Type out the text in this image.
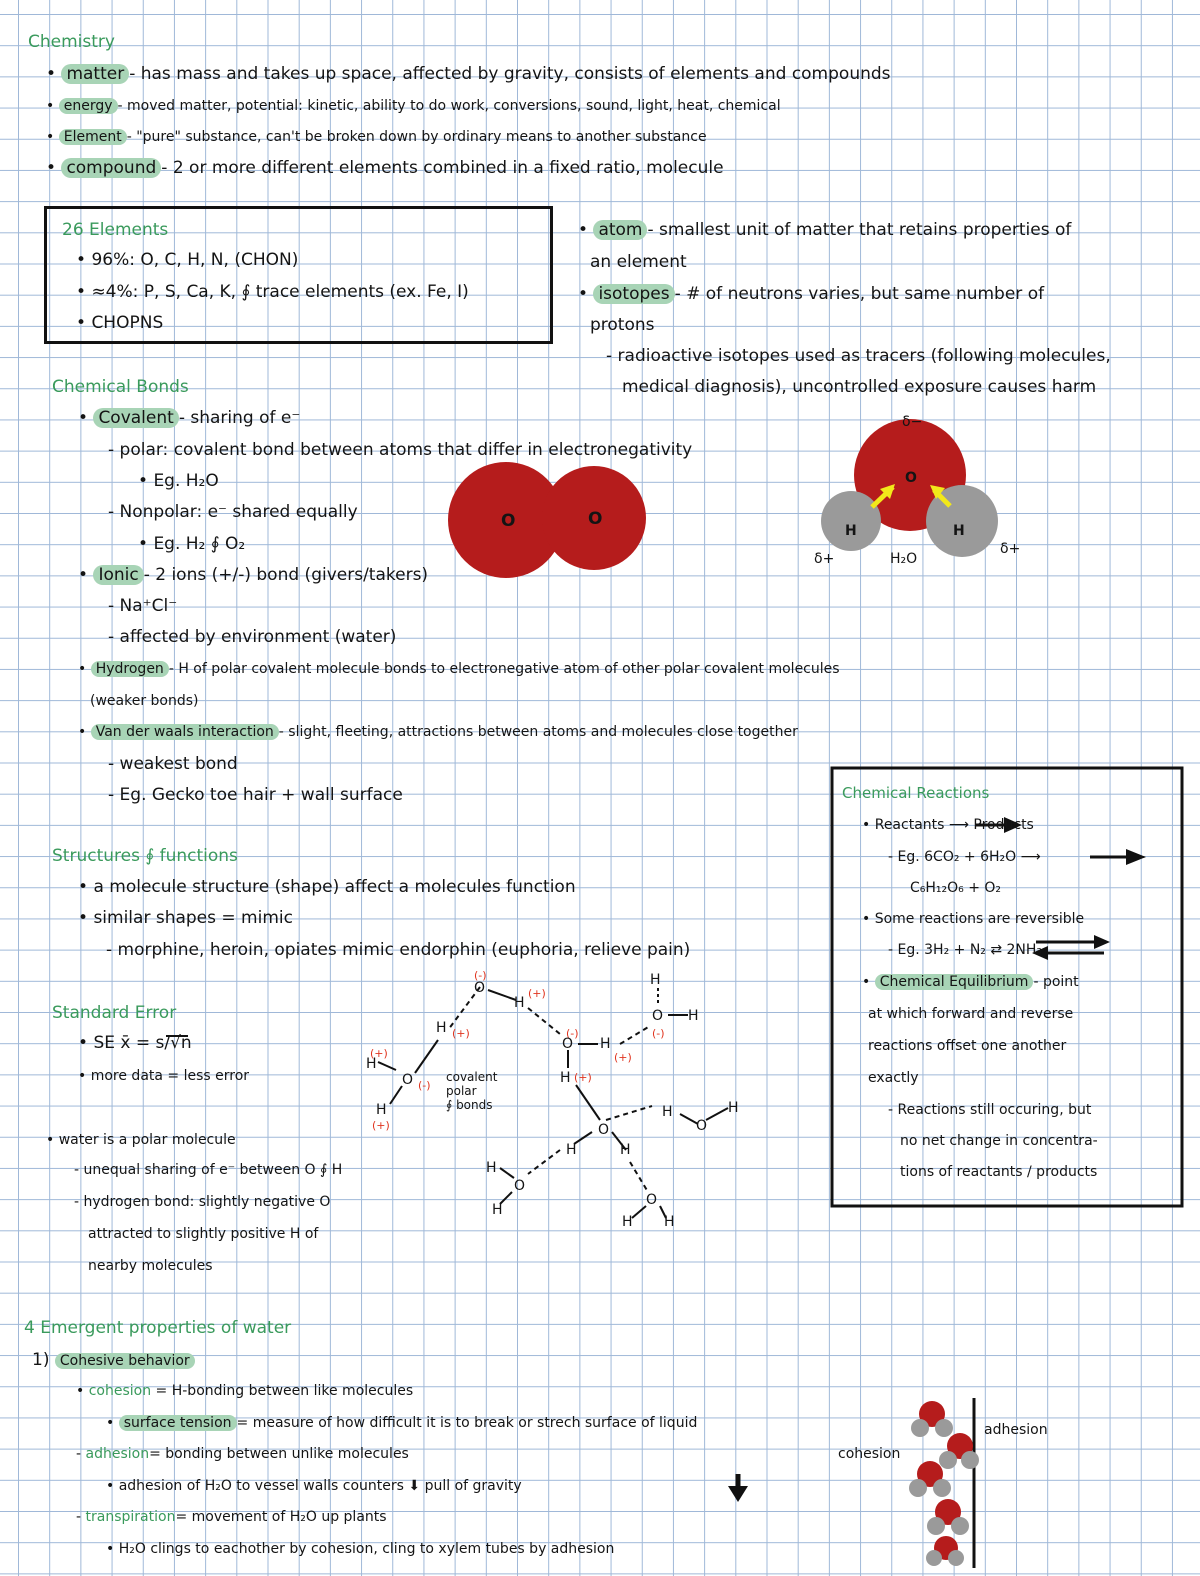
Chemistry
• matter - has mass and takes up space, affected by gravity, consists of elements and compounds
• energy - moved matter, potential: kinetic, ability to do work, conversions, sound, light, heat, chemical
• Element - "pure" substance, can't be broken down by ordinary means to another substance
• compound - 2 or more different elements combined in a fixed ratio, molecule
26 Elements
• 96%: O, C, H, N, (CHON)
• ≈4%: P, S, Ca, K, ∮ trace elements (ex. Fe, I)
• CHOPNS
• atom - smallest unit of matter that retains properties of
an element
• isotopes - # of neutrons varies, but same number of
protons
- radioactive isotopes used as tracers (following molecules,
medical diagnosis), uncontrolled exposure causes harm
Chemical Bonds
• Covalent - sharing of e⁻
- polar: covalent bond between atoms that differ in electronegativity
• Eg. H₂O
- Nonpolar: e⁻ shared equally
• Eg. H₂ ∮ O₂
• Ionic - 2 ions (+/-) bond (givers/takers)
- Na⁺Cl⁻
- affected by environment (water)
• Hydrogen - H of polar covalent molecule bonds to electronegative atom of other polar covalent molecules
(weaker bonds)
• Van der waals interaction - slight, fleeting, attractions between atoms and molecules close together
- weakest bond
- Eg. Gecko toe hair + wall surface
O	O
δ−
O
H	H
δ+
δ+
H₂O
Structures ∮ functions
• a molecule structure (shape) affect a molecules function
• similar shapes = mimic
- morphine, heroin, opiates mimic endorphin (euphoria, relieve pain)
Standard Error
• SE x̄ = s/√n
• more data = less error
• water is a polar molecule
- unequal sharing of e⁻ between O ∮ H
- hydrogen bond: slightly negative O
attracted to slightly positive H of
nearby molecules
(-)
O	(+)
H
H (+)
(+)
H
O (-)
H
(+)
covalent
polar
∮ bonds
(-)
O H
(+)
H (+)
H
O H
(-)
O
H
O
H
H	H
H
O
H
O
H H
Chemical Reactions
• Reactants ⟶ Products
- Eg. 6CO₂ + 6H₂O ⟶
C₆H₁₂O₆ + O₂
• Some reactions are reversible
- Eg. 3H₂ + N₂ ⇄ 2NH₃
• Chemical Equilibrium - point
at which forward and reverse
reactions offset one another
exactly
- Reactions still occuring, but
no net change in concentra-
tions of reactants / products
4 Emergent properties of water
1) Cohesive behavior
• cohesion = H-bonding between like molecules
• surface tension = measure of how difficult it is to break or strech surface of liquid
- adhesion= bonding between unlike molecules
• adhesion of H₂O to vessel walls counters ⬇ pull of gravity
- transpiration= movement of H₂O up plants
• H₂O clings to eachother by cohesion, cling to xylem tubes by adhesion
adhesion
cohesion
